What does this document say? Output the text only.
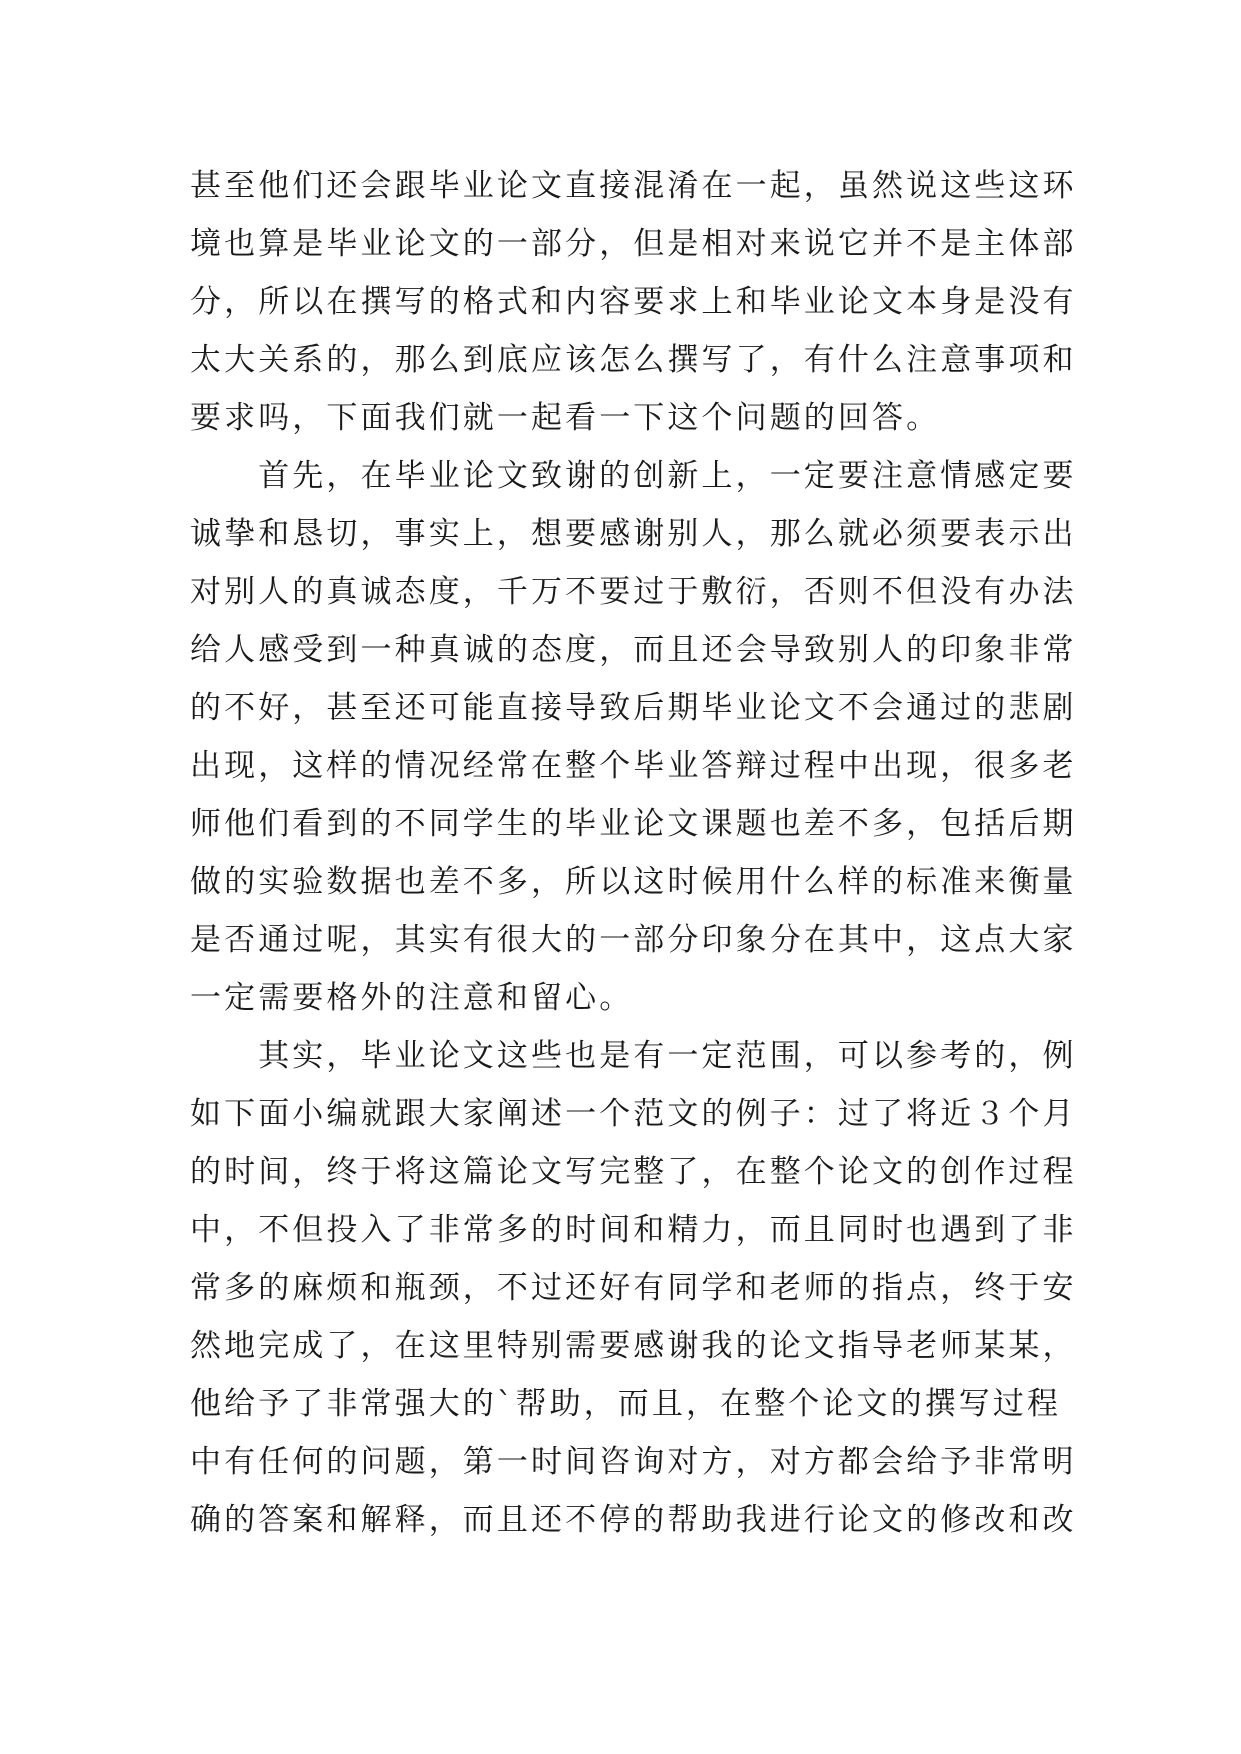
甚至他们还会跟毕业论文直接混淆在一起，虽然说这些这环
境也算是毕业论文的一部分，但是相对来说它并不是主体部
分，所以在撰写的格式和内容要求上和毕业论文本身是没有
太大关系的，那么到底应该怎么撰写了，有什么注意事项和
要求吗，下面我们就一起看一下这个问题的回答。
　　首先，在毕业论文致谢的创新上，一定要注意情感定要
诚挚和恳切，事实上，想要感谢别人，那么就必须要表示出
对别人的真诚态度，千万不要过于敷衍，否则不但没有办法
给人感受到一种真诚的态度，而且还会导致别人的印象非常
的不好，甚至还可能直接导致后期毕业论文不会通过的悲剧
出现，这样的情况经常在整个毕业答辩过程中出现，很多老
师他们看到的不同学生的毕业论文课题也差不多，包括后期
做的实验数据也差不多，所以这时候用什么样的标准来衡量
是否通过呢，其实有很大的一部分印象分在其中，这点大家
一定需要格外的注意和留心。
　　其实，毕业论文这些也是有一定范围，可以参考的，例
如下面小编就跟大家阐述一个范文的例子：过了将近３个月
的时间，终于将这篇论文写完整了，在整个论文的创作过程
中，不但投入了非常多的时间和精力，而且同时也遇到了非
常多的麻烦和瓶颈，不过还好有同学和老师的指点，终于安
然地完成了，在这里特别需要感谢我的论文指导老师某某，
他给予了非常强大的`帮助，而且，在整个论文的撰写过程
中有任何的问题，第一时间咨询对方，对方都会给予非常明
确的答案和解释，而且还不停的帮助我进行论文的修改和改
